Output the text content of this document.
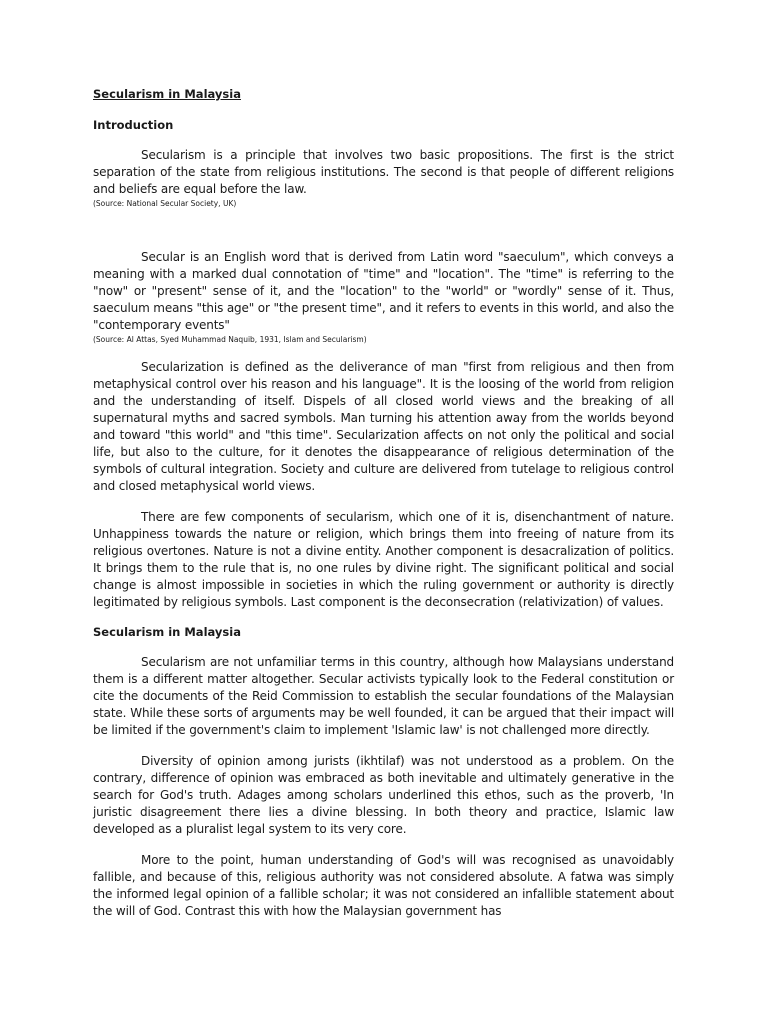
Secularism in Malaysia
Introduction

Secularism is a principle that involves two basic propositions. The first is the strict separation of the state from religious institutions. The second is that people of different religions and beliefs are equal before the law.

(Source: National Secular Society, UK)

Secular is an English word that is derived from Latin word "saeculum", which conveys a meaning with a marked dual connotation of "time" and "location". The "time" is referring to the "now" or "present" sense of it, and the "location" to the "world" or "wordly" sense of it. Thus, saeculum means "this age" or "the present time", and it refers to events in this world, and also the "contemporary events"

(Source: Al Attas, Syed Muhammad Naquib, 1931, Islam and Secularism)

Secularization is defined as the deliverance of man "first from religious and then from metaphysical control over his reason and his language". It is the loosing of the world from religion and the understanding of itself. Dispels of all closed world views and the breaking of all supernatural myths and sacred symbols. Man turning his attention away from the worlds beyond and toward "this world" and "this time". Secularization affects on not only the political and social life, but also to the culture, for it denotes the disappearance of religious determination of the symbols of cultural integration. Society and culture are delivered from tutelage to religious control and closed metaphysical world views.

There are few components of secularism, which one of it is, disenchantment of nature. Unhappiness towards the nature or religion, which brings them into freeing of nature from its religious overtones. Nature is not a divine entity. Another component is desacralization of politics. It brings them to the rule that is, no one rules by divine right. The significant political and social change is almost impossible in societies in which the ruling government or authority is directly legitimated by religious symbols. Last component is the deconsecration (relativization) of values.

Secularism in Malaysia

Secularism are not unfamiliar terms in this country, although how Malaysians understand them is a different matter altogether. Secular activists typically look to the Federal constitution or cite the documents of the Reid Commission to establish the secular foundations of the Malaysian state. While these sorts of arguments may be well founded, it can be argued that their impact will be limited if the government's claim to implement 'Islamic law' is not challenged more directly.

Diversity of opinion among jurists (ikhtilaf) was not understood as a problem. On the contrary, difference of opinion was embraced as both inevitable and ultimately generative in the search for God's truth. Adages among scholars underlined this ethos, such as the proverb, 'In juristic disagreement there lies a divine blessing. In both theory and practice, Islamic law developed as a pluralist legal system to its very core.

More to the point, human understanding of God's will was recognised as unavoidably fallible, and because of this, religious authority was not considered absolute. A fatwa was simply the informed legal opinion of a fallible scholar; it was not considered an infallible statement about the will of God. Contrast this with how the Malaysian government has
